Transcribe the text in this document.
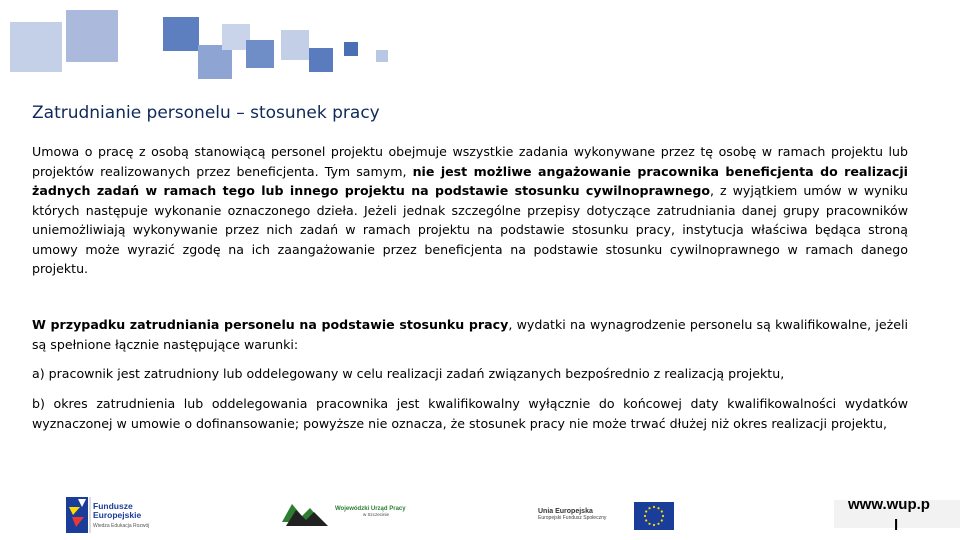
Zatrudnianie personelu – stosunek pracy
Umowa o pracę z osobą stanowiącą personel projektu obejmuje wszystkie zadania wykonywane przez tę osobę w ramach projektu lub projektów realizowanych przez beneficjenta. Tym samym, nie jest możliwe angażowanie pracownika beneficjenta do realizacji żadnych zadań w ramach tego lub innego projektu na podstawie stosunku cywilnoprawnego, z wyjątkiem umów w wyniku których następuje wykonanie oznaczonego dzieła. Jeżeli jednak szczególne przepisy dotyczące zatrudniania danej grupy pracowników uniemożliwiają wykonywanie przez nich zadań w ramach projektu na podstawie stosunku pracy, instytucja właściwa będąca stroną umowy może wyrazić zgodę na ich zaangażowanie przez beneficjenta na podstawie stosunku cywilnoprawnego w ramach danego projektu.
W przypadku zatrudniania personelu na podstawie stosunku pracy, wydatki na wynagrodzenie personelu są kwalifikowalne, jeżeli są spełnione łącznie następujące warunki:
a) pracownik jest zatrudniony lub oddelegowany w celu realizacji zadań związanych bezpośrednio z realizacją projektu,
b) okres zatrudnienia lub oddelegowania pracownika jest kwalifikowalny wyłącznie do końcowej daty kwalifikowalności wydatków wyznaczonej w umowie o dofinansowanie; powyższe nie oznacza, że stosunek pracy nie może trwać dłużej niż okres realizacji projektu,
Fundusze
Europejskie
Wiedza Edukacja Rozwój
Wojewódzki Urząd Pracy
w Szczecinie	Unia Europejska
Europejski Fundusz Społeczny
www.wup.p
l
